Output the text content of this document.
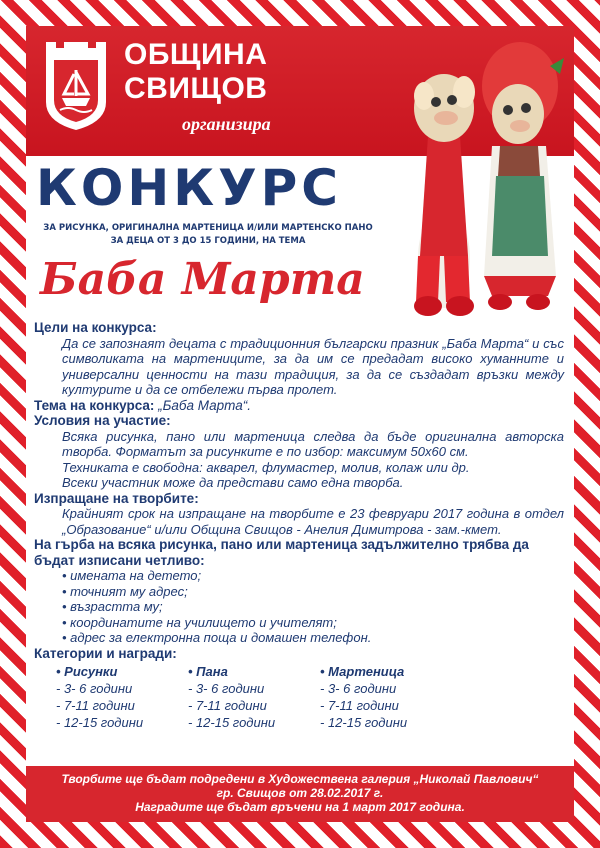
ОБЩИНА
СВИЩОВ
организира
КОНКУРС
ЗА РИСУНКА, ОРИГИНАЛНА МАРТЕНИЦА И/ИЛИ МАРТЕНСКО ПАНО
ЗА ДЕЦА ОТ 3 ДО 15 ГОДИНИ, НА ТЕМА
Баба Марта

Цели на конкурса:

Да се запознаят децата с традиционния български празник „Баба Марта“ и със символиката на мартениците, за да им се предадат високо хуманните и универсални ценности на тази традиция, за да се създадат връзки между културите и да се отбележи първа пролет.

Тема на конкурса: „Баба Марта“.

Условия на участие:

Всяка рисунка, пано или мартеница следва да бъде оригинална авторска творба. Форматът за рисунките е по избор: максимум 50х60 см.

Техниката е свободна: акварел, флумастер, молив, колаж или др.

Всеки участник може да представи само една творба.

Изпращане на творбите:

Крайният срок на изпращане на творбите е 23 февруари 2017 година в отдел „Образование“ и/или Община Свищов - Анелия Димитрова - зам.-кмет.

На гърба на всяка рисунка, пано или мартеница задължително трябва да бъдат изписани четливо:

• имената на детето;

• точният му адрес;

• възрастта му;

• координатите на училището и учителят;

• адрес за електронна поща и домашен телефон.

Категории и награди:

• Рисунки
- 3- 6 години
- 7-11 години
- 12-15 години
• Пана
- 3- 6 години
- 7-11 години
- 12-15 години
• Мартеница
- 3- 6 години
- 7-11 години
- 12-15 години
Творбите ще бъдат подредени в Художествена галерия „Николай Павлович“
гр. Свищов от 28.02.2017 г.
Наградите ще бъдат връчени на 1 март 2017 година.
